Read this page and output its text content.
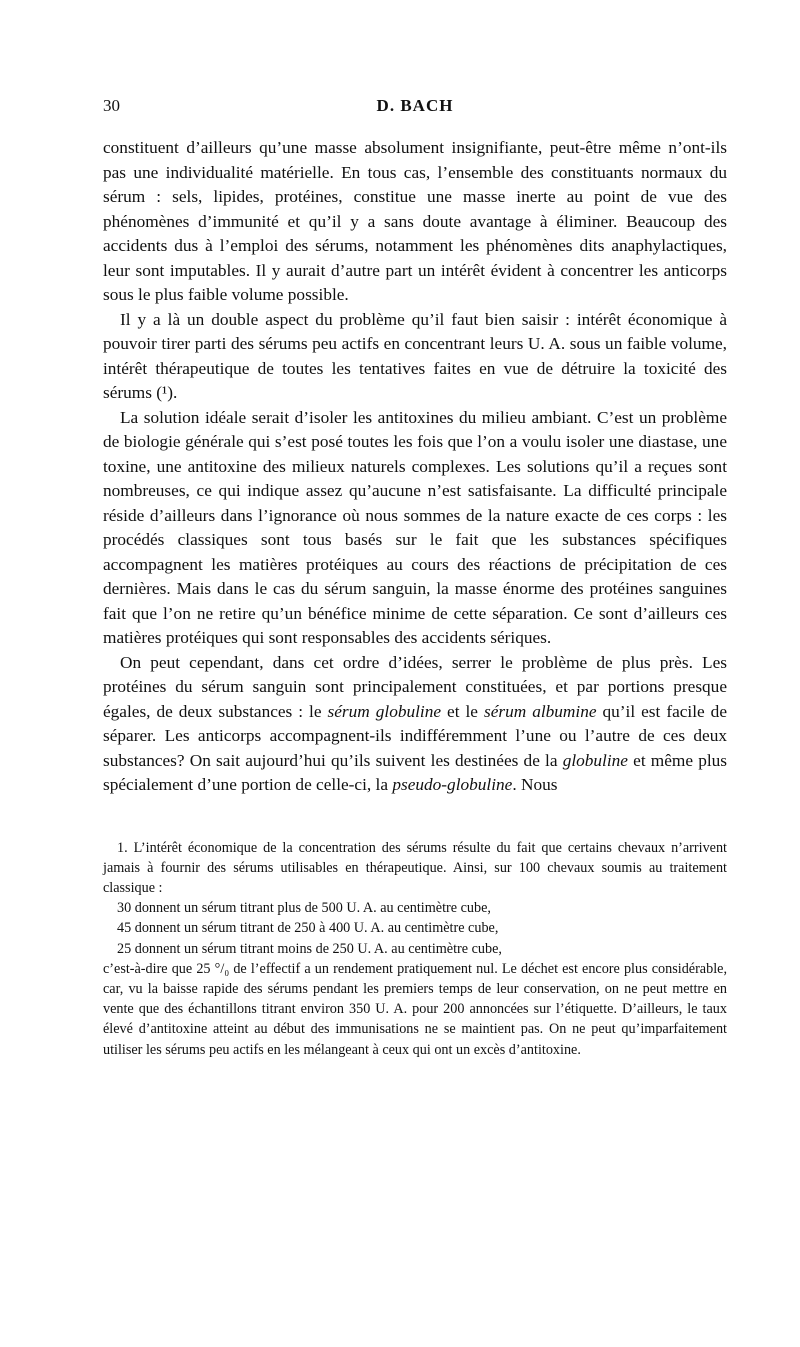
30	D. BACH

constituent d’ailleurs qu’une masse absolument insignifiante, peut-être même n’ont-ils pas une individualité matérielle. En tous cas, l’ensemble des constituants normaux du sérum : sels, lipides, protéines, constitue une masse inerte au point de vue des phénomènes d’immunité et qu’il y a sans doute avantage à éliminer. Beaucoup des accidents dus à l’emploi des sérums, notamment les phénomènes dits anaphylactiques, leur sont imputables. Il y aurait d’autre part un intérêt évident à concentrer les anticorps sous le plus faible volume possible.

Il y a là un double aspect du problème qu’il faut bien saisir : intérêt économique à pouvoir tirer parti des sérums peu actifs en concentrant leurs U. A. sous un faible volume, intérêt thérapeutique de toutes les tentatives faites en vue de détruire la toxicité des sérums (¹).

La solution idéale serait d’isoler les antitoxines du milieu ambiant. C’est un problème de biologie générale qui s’est posé toutes les fois que l’on a voulu isoler une diastase, une toxine, une antitoxine des milieux naturels complexes. Les solutions qu’il a reçues sont nombreuses, ce qui indique assez qu’aucune n’est satisfaisante. La difficulté principale réside d’ailleurs dans l’ignorance où nous sommes de la nature exacte de ces corps : les procédés classiques sont tous basés sur le fait que les substances spécifiques accompagnent les matières protéiques au cours des réactions de précipitation de ces dernières. Mais dans le cas du sérum sanguin, la masse énorme des protéines sanguines fait que l’on ne retire qu’un bénéfice minime de cette séparation. Ce sont d’ailleurs ces matières protéiques qui sont responsables des accidents sériques.

On peut cependant, dans cet ordre d’idées, serrer le problème de plus près. Les protéines du sérum sanguin sont principalement constituées, et par portions presque égales, de deux substances : le sérum globuline et le sérum albumine qu’il est facile de séparer. Les anticorps accompagnent-ils indifféremment l’une ou l’autre de ces deux substances? On sait aujourd’hui qu’ils suivent les destinées de la globuline et même plus spécialement d’une portion de celle-ci, la pseudo-globuline. Nous

1. L’intérêt économique de la concentration des sérums résulte du fait que certains chevaux n’arrivent jamais à fournir des sérums utilisables en thérapeutique. Ainsi, sur 100 chevaux soumis au traitement classique :

30 donnent un sérum titrant plus de 500 U. A. au centimètre cube,

45 donnent un sérum titrant de 250 à 400 U. A. au centimètre cube,

25 donnent un sérum titrant moins de 250 U. A. au centimètre cube,

c’est-à-dire que 25 °/₀ de l’effectif a un rendement pratiquement nul. Le déchet est encore plus considérable, car, vu la baisse rapide des sérums pendant les premiers temps de leur conservation, on ne peut mettre en vente que des échantillons titrant environ 350 U. A. pour 200 annoncées sur l’étiquette. D’ailleurs, le taux élevé d’antitoxine atteint au début des immunisations ne se maintient pas. On ne peut qu’imparfaitement utiliser les sérums peu actifs en les mélangeant à ceux qui ont un excès d’antitoxine.
